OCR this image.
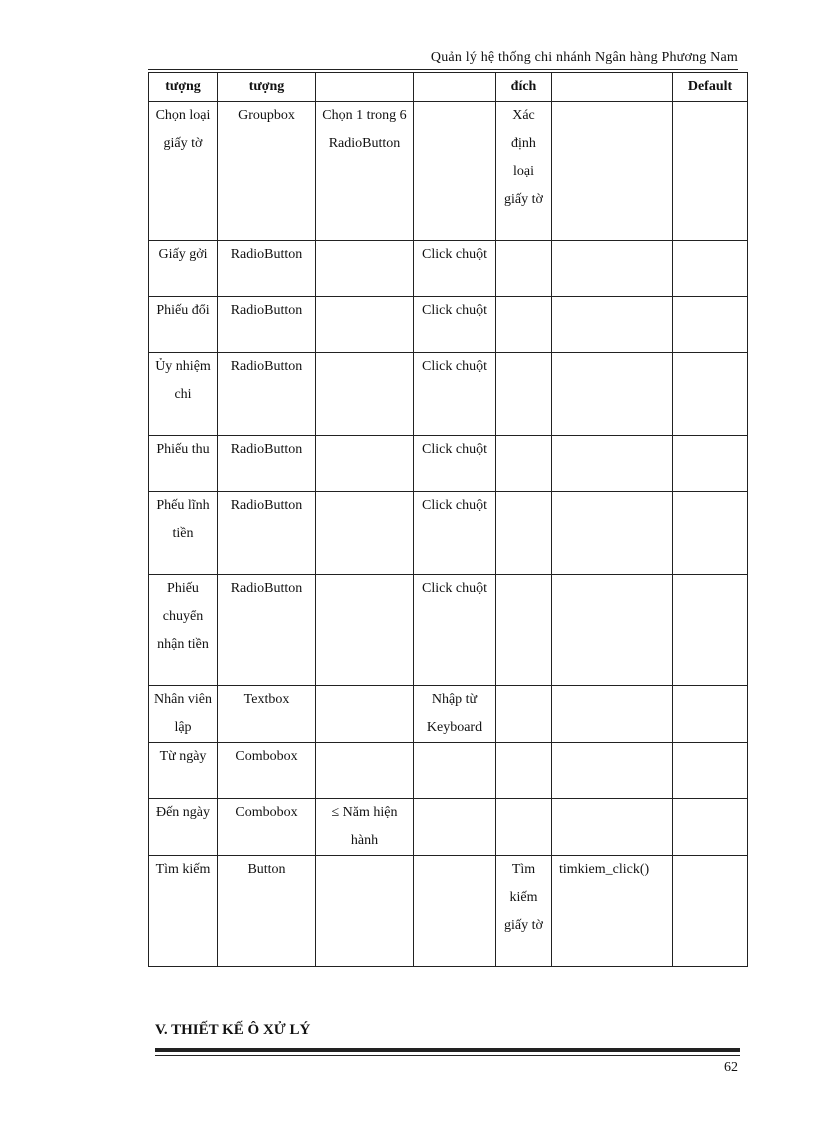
Quản lý hệ thống chi nhánh Ngân hàng Phương Nam
tượng	tượng			đích		Default
Chọn loại giấy tờ	Groupbox	Chọn 1 trong 6 RadioButton		Xác định loại giấy tờ		
Giấy gởi	RadioButton		Click chuột			
Phiếu đổi	RadioButton		Click chuột			
Ủy nhiệm chi	RadioButton		Click chuột			
Phiếu thu	RadioButton		Click chuột			
Phếu lĩnh tiền	RadioButton		Click chuột			
Phiếu chuyển nhận tiền	RadioButton		Click chuột			
Nhân viên lập	Textbox		Nhập từ Keyboard			
Từ ngày	Combobox					
Đến ngày	Combobox	≤ Năm hiện hành				
Tìm kiếm	Button			Tìm kiếm giấy tờ	timkiem_click()	
V. THIẾT KẾ Ô XỬ LÝ
62
